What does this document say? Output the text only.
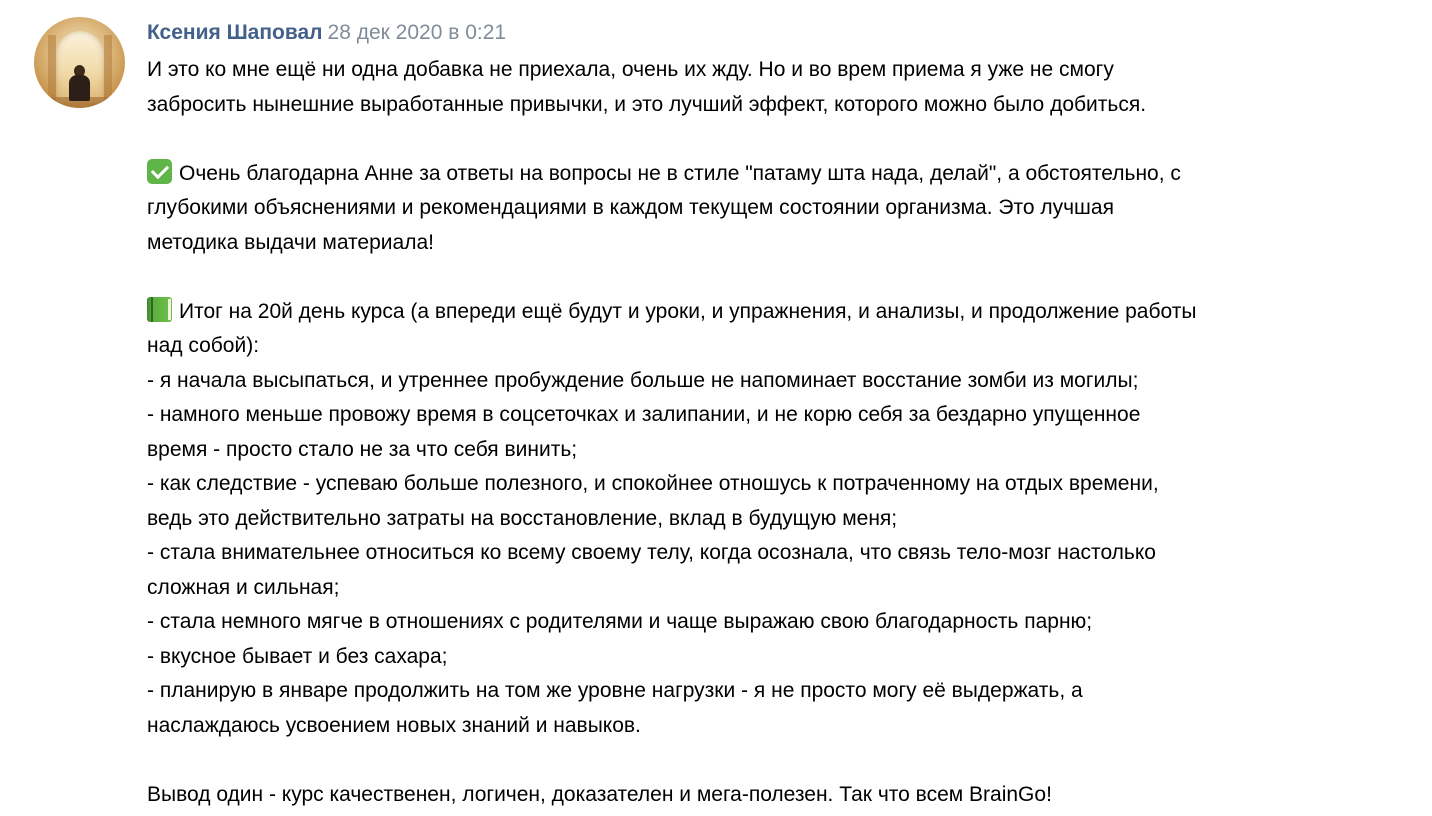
Ксения Шаповал 28 дек 2020 в 0:21

И это ко мне ещё ни одна добавка не приехала, очень их жду. Но и во врем приема я уже не смогу

забросить нынешние выработанные привычки, и это лучший эффект, которого можно было добиться.

Очень благодарна Анне за ответы на вопросы не в стиле "патаму шта нада, делай", а обстоятельно, с

глубокими объяснениями и рекомендациями в каждом текущем состоянии организма. Это лучшая

методика выдачи материала!

Итог на 20й день курса (а впереди ещё будут и уроки, и упражнения, и анализы, и продолжение работы

над собой):

- я начала высыпаться, и утреннее пробуждение больше не напоминает восстание зомби из могилы;

- намного меньше провожу время в соцсеточках и залипании, и не корю себя за бездарно упущенное

время - просто стало не за что себя винить;

- как следствие - успеваю больше полезного, и спокойнее отношусь к потраченному на отдых времени,

ведь это действительно затраты на восстановление, вклад в будущую меня;

- стала внимательнее относиться ко всему своему телу, когда осознала, что связь тело-мозг настолько

сложная и сильная;

- стала немного мягче в отношениях с родителями и чаще выражаю свою благодарность парню;

- вкусное бывает и без сахара;

- планирую в январе продолжить на том же уровне нагрузки - я не просто могу её выдержать, а

наслаждаюсь усвоением новых знаний и навыков.

Вывод один - курс качественен, логичен, доказателен и мега-полезен. Так что всем BrainGo!
